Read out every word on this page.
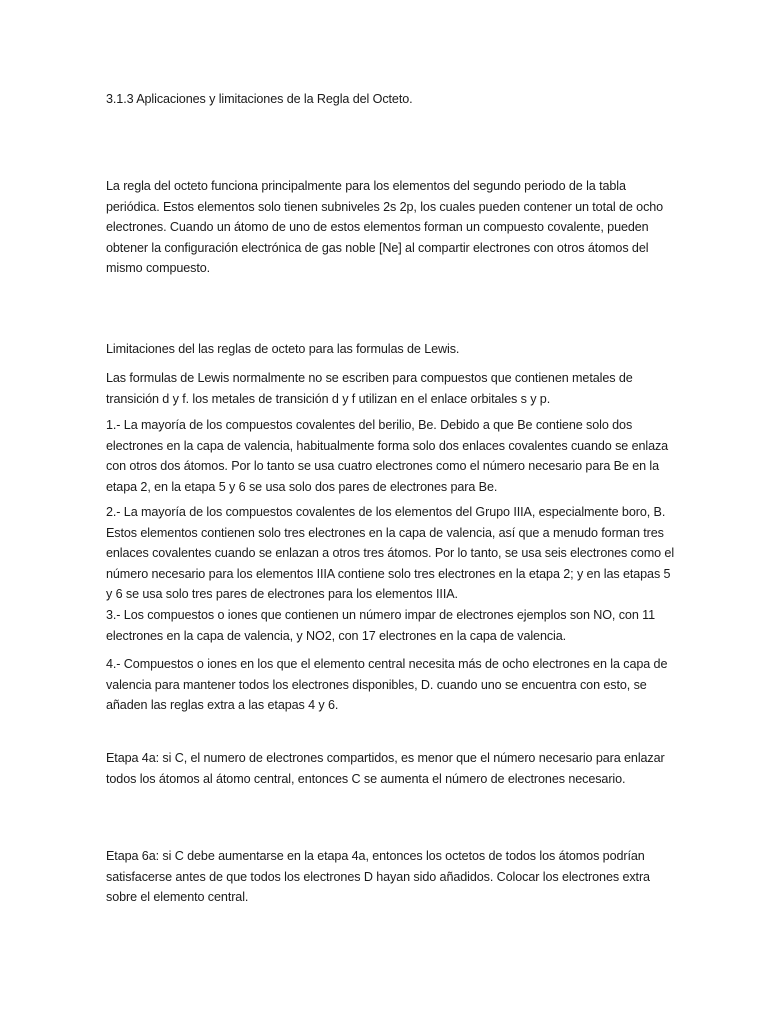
3.1.3 Aplicaciones y limitaciones de la Regla del Octeto.

La regla del octeto funciona principalmente para los elementos del segundo periodo de la tabla periódica. Estos elementos solo tienen subniveles 2s 2p, los cuales pueden contener un total de ocho electrones. Cuando un átomo de uno de estos elementos forman un compuesto covalente, pueden obtener la configuración electrónica de gas noble [Ne] al compartir electrones con otros átomos del mismo compuesto.

Limitaciones del las reglas de octeto para las formulas de Lewis.

Las formulas de Lewis normalmente no se escriben para compuestos que contienen metales de transición d y f. los metales de transición d y f utilizan en el enlace orbitales s y p.

1.- La mayoría de los compuestos covalentes del berilio, Be. Debido a que Be contiene solo dos electrones en la capa de valencia, habitualmente forma solo dos enlaces covalentes cuando se enlaza con otros dos átomos. Por lo tanto se usa cuatro electrones como el número necesario para Be en la etapa 2, en la etapa 5 y 6 se usa solo dos pares de electrones para Be.

2.- La mayoría de los compuestos covalentes de los elementos del Grupo IIIA, especialmente boro, B. Estos elementos contienen solo tres electrones en la capa de valencia, así que a menudo forman tres enlaces covalentes cuando se enlazan a otros tres átomos. Por lo tanto, se usa seis electrones como el número necesario para los elementos IIIA contiene solo tres electrones en la etapa 2; y en las etapas 5 y 6 se usa solo tres pares de electrones para los elementos IIIA.

3.- Los compuestos o iones que contienen un número impar de electrones ejemplos son NO, con 11 electrones en la capa de valencia, y NO2, con 17 electrones en la capa de valencia.

4.- Compuestos o iones en los que el elemento central necesita más de ocho electrones en la capa de valencia para mantener todos los electrones disponibles, D. cuando uno se encuentra con esto, se añaden las reglas extra a las etapas 4 y 6.

Etapa 4a: si C, el numero de electrones compartidos, es menor que el número necesario para enlazar todos los átomos al átomo central, entonces C se aumenta el número de electrones necesario.

Etapa 6a: si C debe aumentarse en la etapa 4a, entonces los octetos de todos los átomos podrían satisfacerse antes de que todos los electrones D hayan sido añadidos. Colocar los electrones extra sobre el elemento central.
